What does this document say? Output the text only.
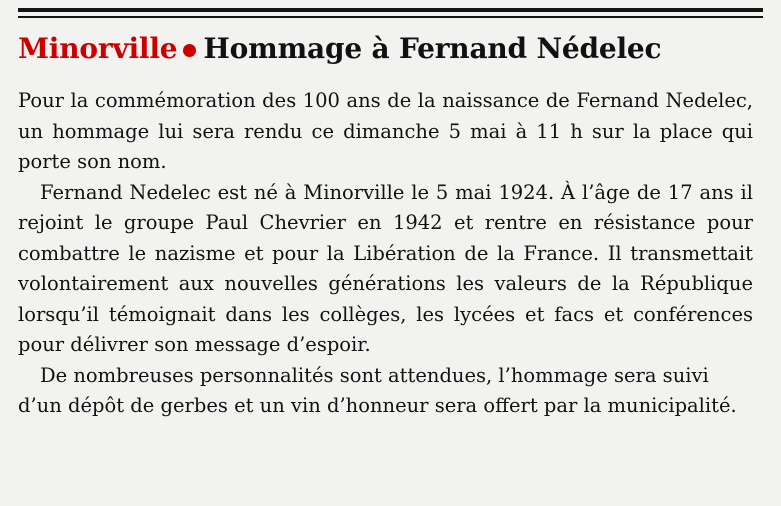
Minorville Hommage à Fernand Nédelec

Pour la commémoration des 100 ans de la naissance de Fernand Nedelec, un hommage lui sera rendu ce dimanche 5 mai à 11 h sur la place qui porte son nom.

Fernand Nedelec est né à Minorville le 5 mai 1924. À l’âge de 17 ans il rejoint le groupe Paul Chevrier en 1942 et rentre en résistance pour combattre le nazisme et pour la Libération de la France. Il transmettait volontairement aux nouvelles générations les valeurs de la République lorsqu’il témoignait dans les collèges, les lycées et facs et conférences pour délivrer son message d’espoir.

De nombreuses personnalités sont attendues, l’hommage sera suivi d’un dépôt de gerbes et un vin d’honneur sera offert par la municipalité.
